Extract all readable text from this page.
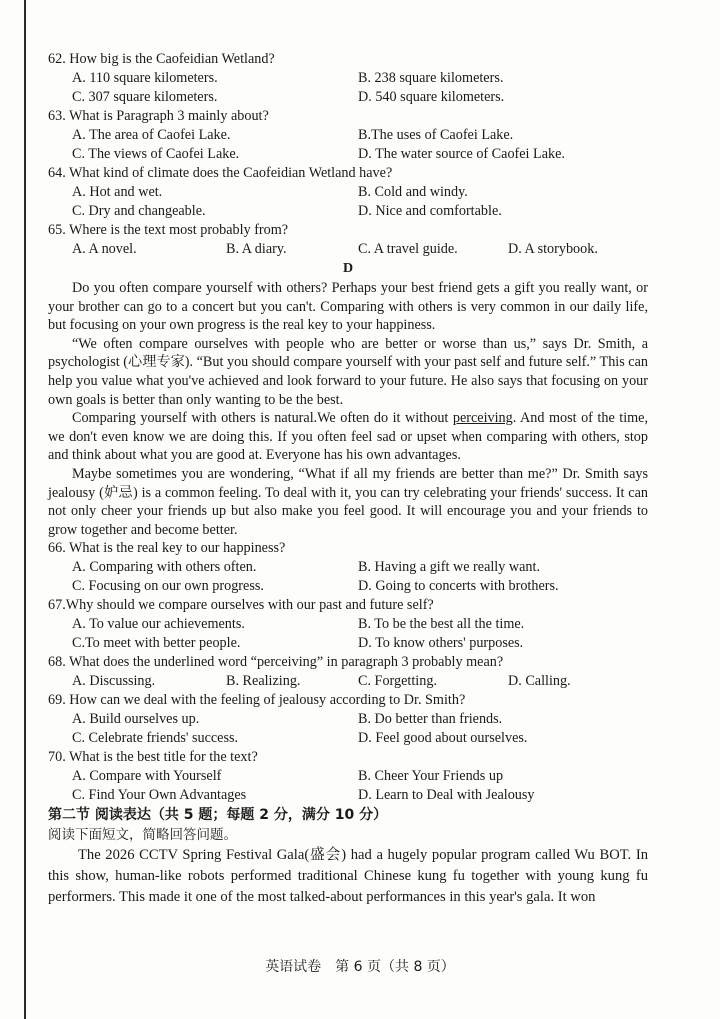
62. How big is the Caofeidian Wetland?
A. 110 square kilometers.	B. 238 square kilometers.
C. 307 square kilometers.	D. 540 square kilometers.
63. What is Paragraph 3 mainly about?
A. The area of Caofei Lake.	B.The uses of Caofei Lake.
C. The views of Caofei Lake.	D. The water source of Caofei Lake.
64. What kind of climate does the Caofeidian Wetland have?
A. Hot and wet.	B. Cold and windy.
C. Dry and changeable.	D. Nice and comfortable.
65. Where is the text most probably from?
A. A novel.	B. A diary.	C. A travel guide.	D. A storybook.
D

Do you often compare yourself with others? Perhaps your best friend gets a gift you really want, or your brother can go to a concert but you can't. Comparing with others is very common in our daily life, but focusing on your own progress is the real key to your happiness.

“We often compare ourselves with people who are better or worse than us,” says Dr. Smith, a psychologist (心理专家). “But you should compare yourself with your past self and future self.” This can help you value what you've achieved and look forward to your future. He also says that focusing on your own goals is better than only wanting to be the best.

Comparing yourself with others is natural.We often do it without perceiving. And most of the time, we don't even know we are doing this. If you often feel sad or upset when comparing with others, stop and think about what you are good at. Everyone has his own advantages.

Maybe sometimes you are wondering, “What if all my friends are better than me?” Dr. Smith says jealousy (妒忌) is a common feeling. To deal with it, you can try celebrating your friends' success. It can not only cheer your friends up but also make you feel good. It will encourage you and your friends to grow together and become better.

66. What is the real key to our happiness?
A. Comparing with others often.	B. Having a gift we really want.
C. Focusing on our own progress.	D. Going to concerts with brothers.
67.Why should we compare ourselves with our past and future self?
A. To value our achievements.	B. To be the best all the time.
C.To meet with better people.	D. To know others' purposes.
68. What does the underlined word “perceiving” in paragraph 3 probably mean?
A. Discussing.	B. Realizing.	C. Forgetting.	D. Calling.
69. How can we deal with the feeling of jealousy according to Dr. Smith?
A. Build ourselves up.	B. Do better than friends.
C. Celebrate friends' success.	D. Feel good about ourselves.
70. What is the best title for the text?
A. Compare with Yourself	B. Cheer Your Friends up
C. Find Your Own Advantages	D. Learn to Deal with Jealousy
第二节 阅读表达（共 5 题；每题 2 分，满分 10 分）
阅读下面短文，简略回答问题。

The 2026 CCTV Spring Festival Gala(盛会) had a hugely popular program called Wu BOT. In this show, human-like robots performed traditional Chinese kung fu together with young kung fu performers. This made it one of the most talked-about performances in this year's gala. It won

英语试卷　第 6 页（共 8 页）
